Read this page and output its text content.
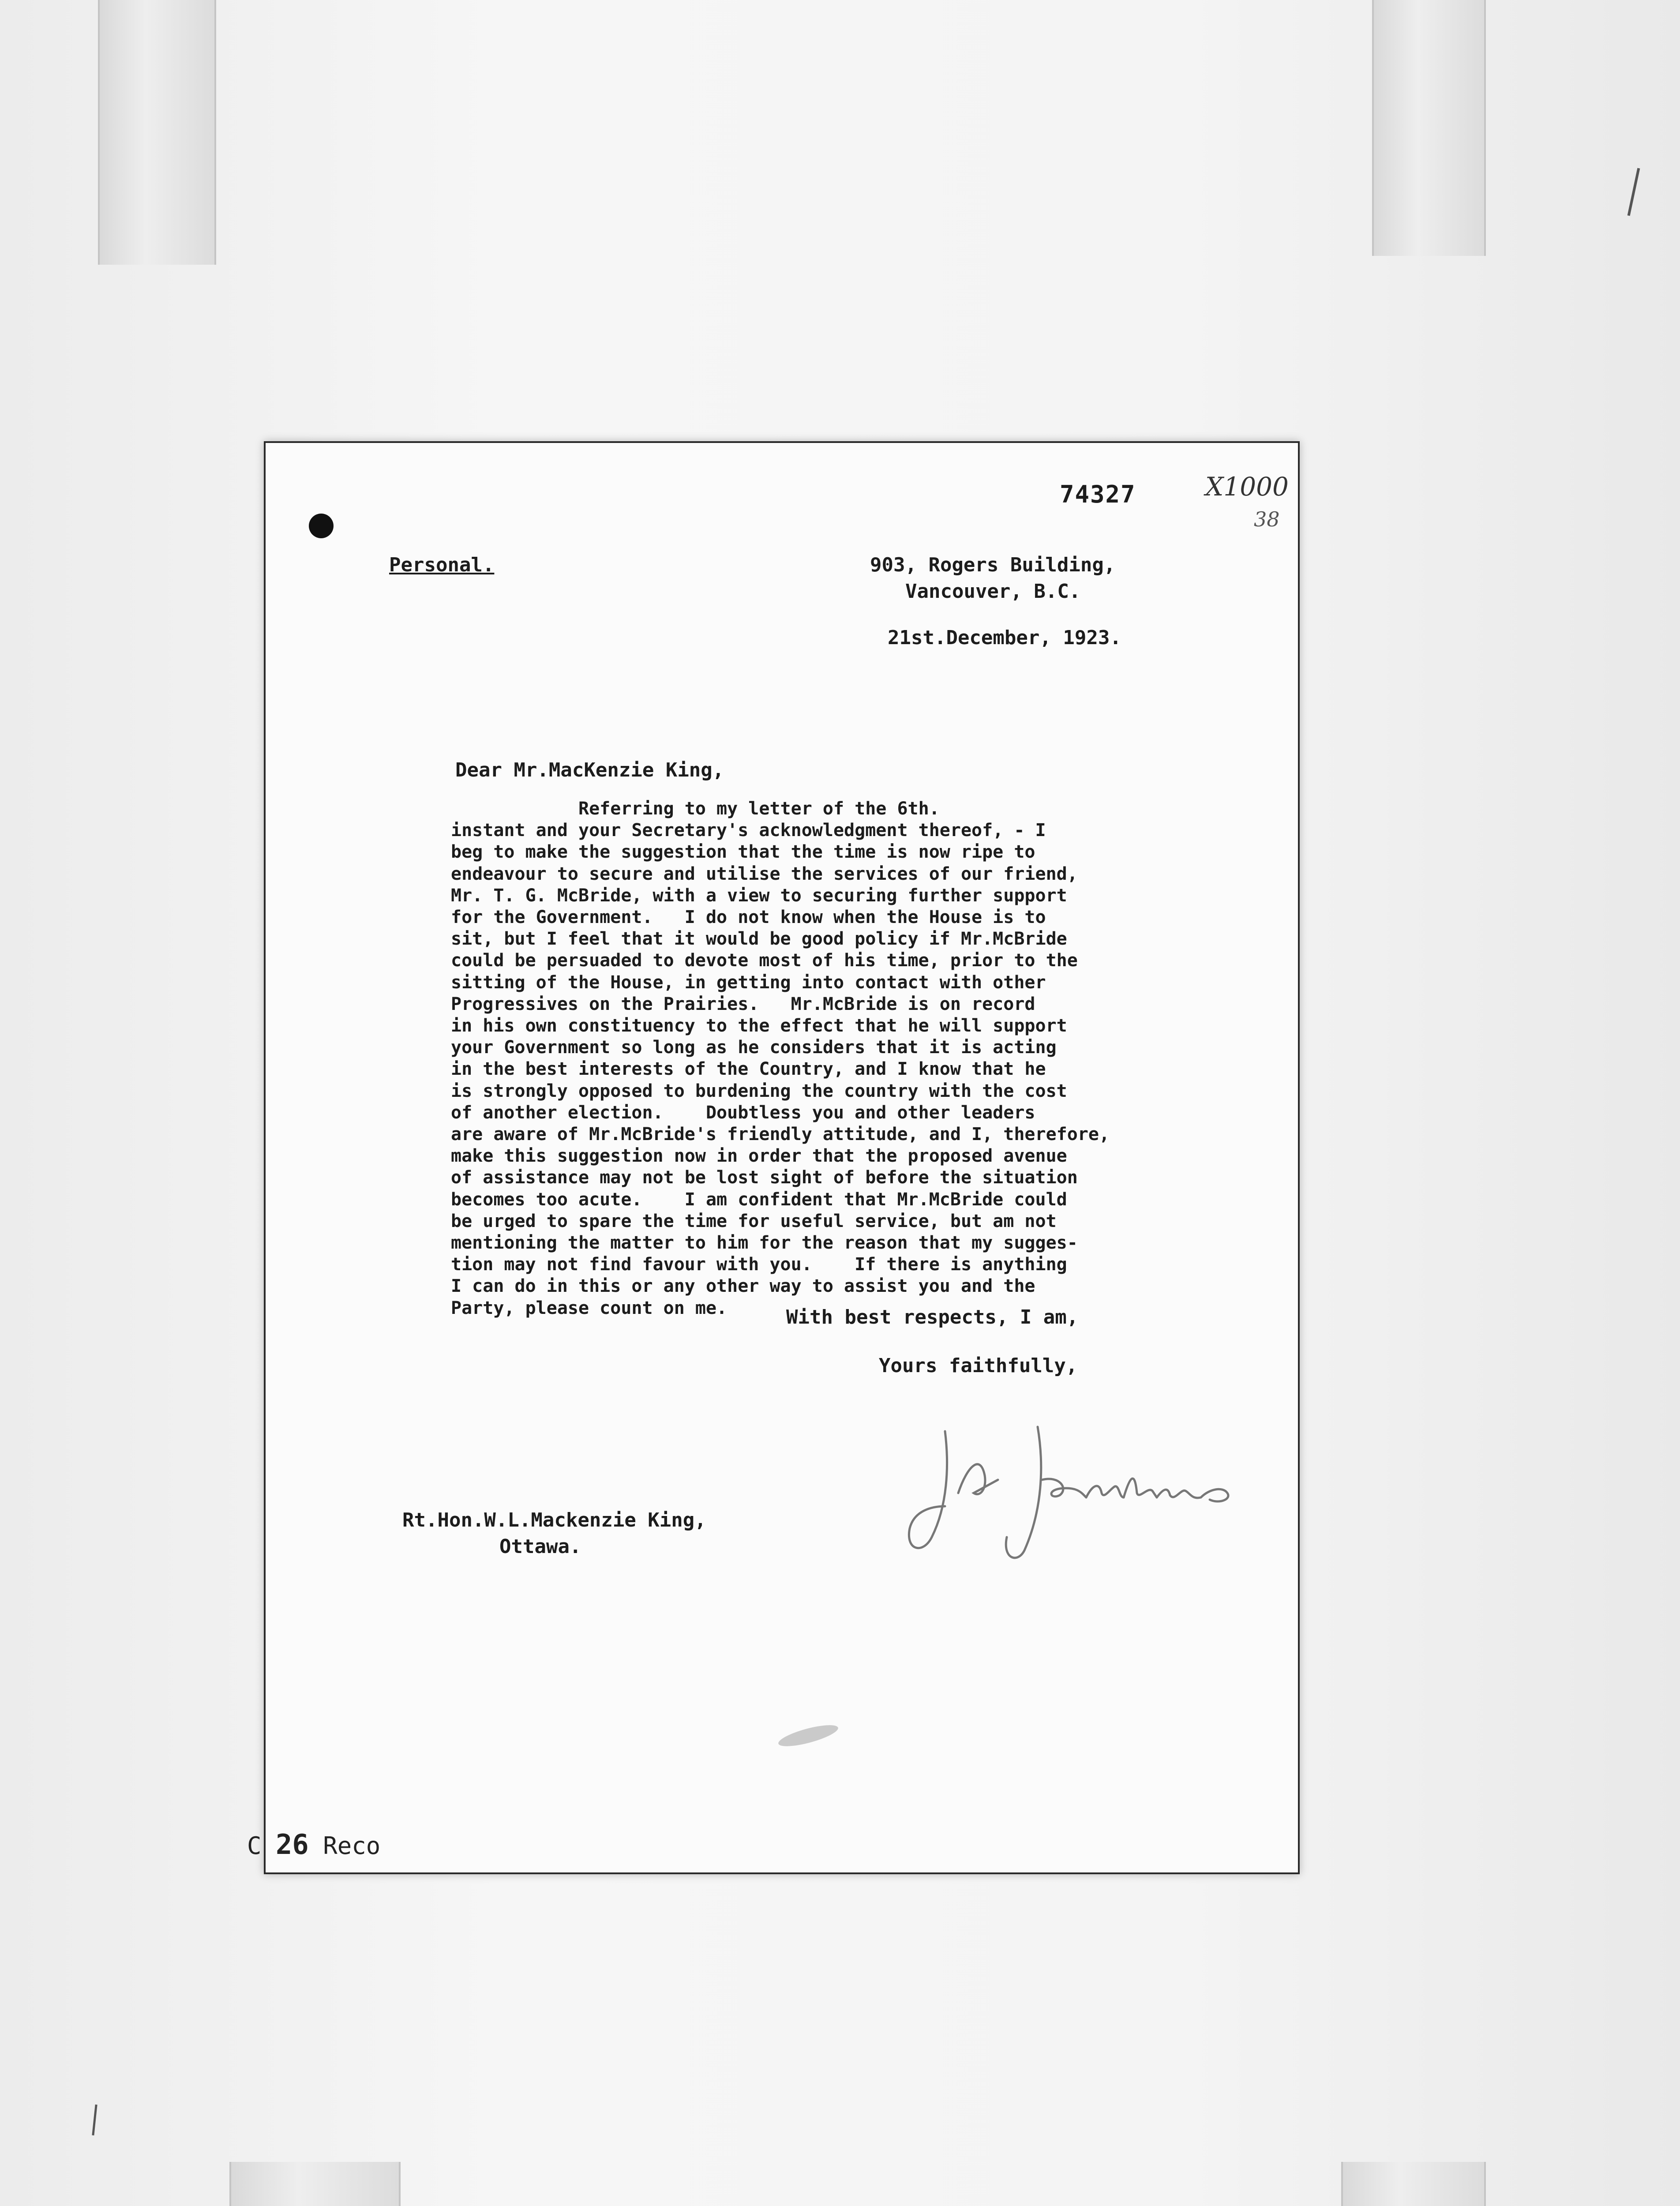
74327	X1000
38
Personal.	903, Rogers Building,
Vancouver, B.C.
21st.December, 1923.
Dear Mr.MacKenzie King,
Referring to my letter of the 6th.
instant and your Secretary's acknowledgment thereof, - I
beg to make the suggestion that the time is now ripe to
endeavour to secure and utilise the services of our friend,
Mr. T. G. McBride, with a view to securing further support
for the Government.   I do not know when the House is to
sit, but I feel that it would be good policy if Mr.McBride
could be persuaded to devote most of his time, prior to the
sitting of the House, in getting into contact with other
Progressives on the Prairies.   Mr.McBride is on record
in his own constituency to the effect that he will support
your Government so long as he considers that it is acting
in the best interests of the Country, and I know that he
is strongly opposed to burdening the country with the cost
of another election.    Doubtless you and other leaders
are aware of Mr.McBride's friendly attitude, and I, therefore,
make this suggestion now in order that the proposed avenue
of assistance may not be lost sight of before the situation
becomes too acute.    I am confident that Mr.McBride could
be urged to spare the time for useful service, but am not
mentioning the matter to him for the reason that my sugges-
tion may not find favour with you.    If there is anything
I can do in this or any other way to assist you and the
Party, please count on me.	With best respects, I am,
Yours faithfully,
Rt.Hon.W.L.Mackenzie King,
Ottawa.
C 26 Reco
